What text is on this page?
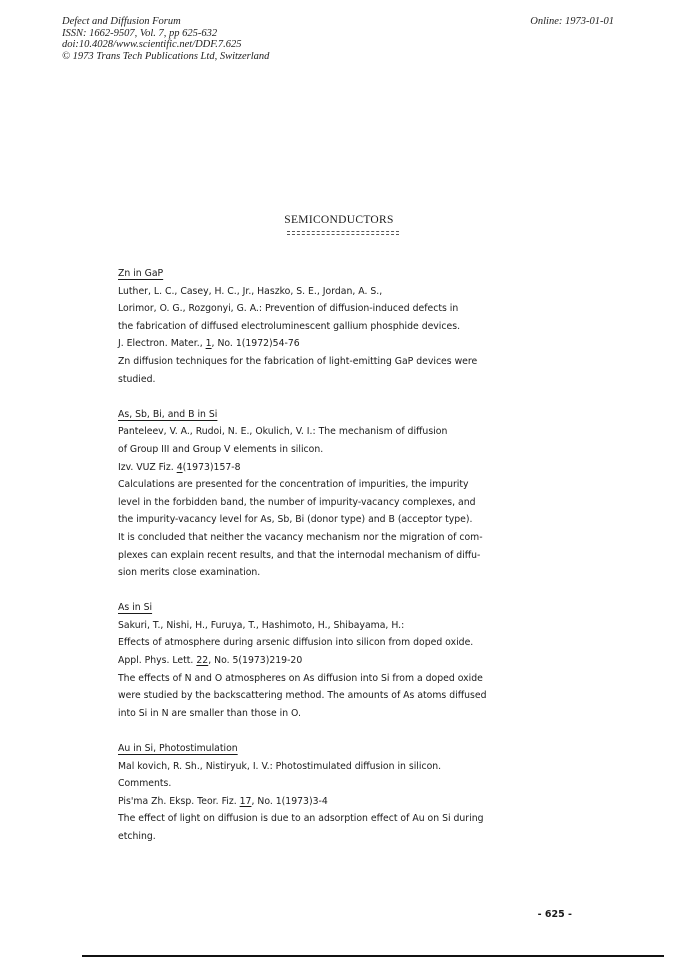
Defect and Diffusion Forum
ISSN: 1662-9507, Vol. 7, pp 625-632
doi:10.4028/www.scientific.net/DDF.7.625
© 1973 Trans Tech Publications Ltd, Switzerland
Online: 1973-01-01
SEMICONDUCTORS
Zn in GaP
Luther, L. C., Casey, H. C., Jr., Haszko, S. E., Jordan, A. S.,
Lorimor, O. G., Rozgonyi, G. A.: Prevention of diffusion-induced defects in
the fabrication of diffused electroluminescent gallium phosphide devices.
J. Electron. Mater., 1, No. 1(1972)54-76
Zn diffusion techniques for the fabrication of light-emitting GaP devices were
studied.
As, Sb, Bi, and B in Si
Panteleev, V. A., Rudoi, N. E., Okulich, V. I.: The mechanism of diffusion
of Group III and Group V elements in silicon.
Izv. VUZ Fiz. 4(1973)157-8
Calculations are presented for the concentration of impurities, the impurity
level in the forbidden band, the number of impurity-vacancy complexes, and
the impurity-vacancy level for As, Sb, Bi (donor type) and B (acceptor type).
It is concluded that neither the vacancy mechanism nor the migration of com-
plexes can explain recent results, and that the internodal mechanism of diffu-
sion merits close examination.
As in Si
Sakuri, T., Nishi, H., Furuya, T., Hashimoto, H., Shibayama, H.:
Effects of atmosphere during arsenic diffusion into silicon from doped oxide.
Appl. Phys. Lett. 22, No. 5(1973)219-20
The effects of N and O atmospheres on As diffusion into Si from a doped oxide
were studied by the backscattering method. The amounts of As atoms diffused
into Si in N are smaller than those in O.
Au in Si, Photostimulation
Mal kovich, R. Sh., Nistiryuk, I. V.: Photostimulated diffusion in silicon.
Comments.
Pis'ma Zh. Eksp. Teor. Fiz. 17, No. 1(1973)3-4
The effect of light on diffusion is due to an adsorption effect of Au on Si during
etching.
- 625 -
